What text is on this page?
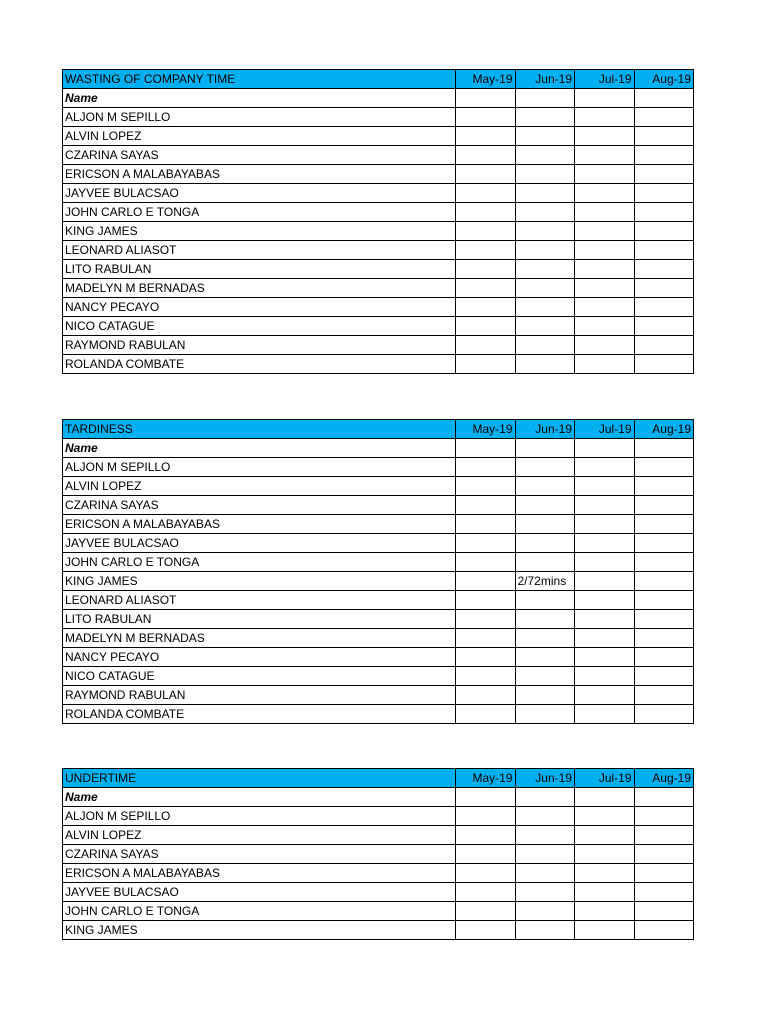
WASTING OF COMPANY TIME	May-19	Jun-19	Jul-19	Aug-19
Name				
ALJON M SEPILLO				
ALVIN LOPEZ				
CZARINA SAYAS				
ERICSON A MALABAYABAS				
JAYVEE BULACSAO				
JOHN CARLO E TONGA				
KING JAMES				
LEONARD ALIASOT				
LITO RABULAN				
MADELYN M BERNADAS				
NANCY PECAYO				
NICO CATAGUE				
RAYMOND RABULAN				
ROLANDA COMBATE				
TARDINESS	May-19	Jun-19	Jul-19	Aug-19
Name				
ALJON M SEPILLO				
ALVIN LOPEZ				
CZARINA SAYAS				
ERICSON A MALABAYABAS				
JAYVEE BULACSAO				
JOHN CARLO E TONGA				
KING JAMES		2/72mins		
LEONARD ALIASOT				
LITO RABULAN				
MADELYN M BERNADAS				
NANCY PECAYO				
NICO CATAGUE				
RAYMOND RABULAN				
ROLANDA COMBATE				
UNDERTIME	May-19	Jun-19	Jul-19	Aug-19
Name				
ALJON M SEPILLO				
ALVIN LOPEZ				
CZARINA SAYAS				
ERICSON A MALABAYABAS				
JAYVEE BULACSAO				
JOHN CARLO E TONGA				
KING JAMES				
